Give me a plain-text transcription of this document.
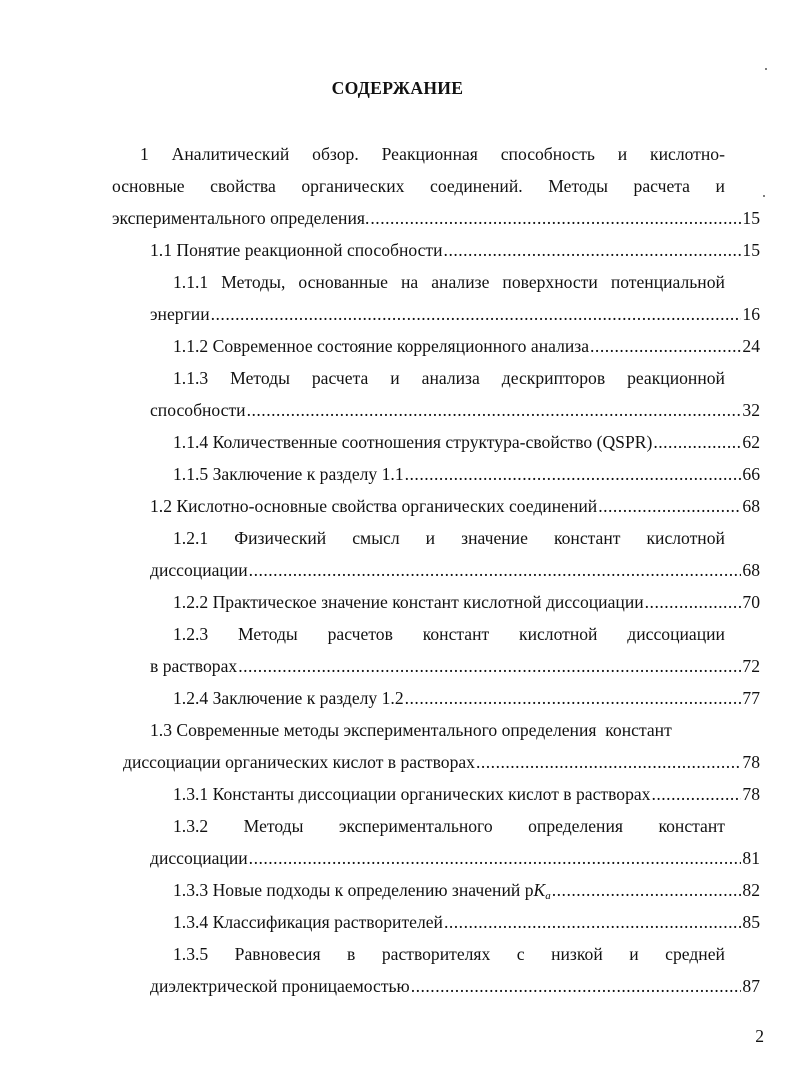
СОДЕРЖАНИЕ
1 Аналитический обзор. Реакционная способность и кислотно-
основные свойства органических соединений. Методы расчета и
экспериментального определения. .....	15
1.1 Понятие реакционной способности .....	15
1.1.1 Методы, основанные на анализе поверхности потенциальной
энергии .....	16
1.1.2 Современное состояние корреляционного анализа .....	24
1.1.3 Методы расчета и анализа дескрипторов реакционной
способности .....	32
1.1.4 Количественные соотношения структура-свойство (QSPR) .....	62
1.1.5 Заключение к разделу 1.1 .....	66
1.2 Кислотно-основные свойства органических соединений .....	68
1.2.1 Физический смысл и значение констант кислотной
диссоциации .....	68
1.2.2 Практическое значение констант кислотной диссоциации .....	70
1.2.3 Методы расчетов констант кислотной диссоциации
в растворах .....	72
1.2.4 Заключение к разделу 1.2 .....	77
1.3 Современные методы экспериментального определения  констант
диссоциации органических кислот в растворах .....	78
1.3.1 Константы диссоциации органических кислот в растворах .....	78
1.3.2 Методы экспериментального определения констант
диссоциации .....	81
1.3.3 Новые подходы к определению значений $pK_a$ .....	82
1.3.4 Классификация растворителей .....	85
1.3.5 Равновесия в растворителях с низкой и средней
диэлектрической проницаемостью .....	87
2
